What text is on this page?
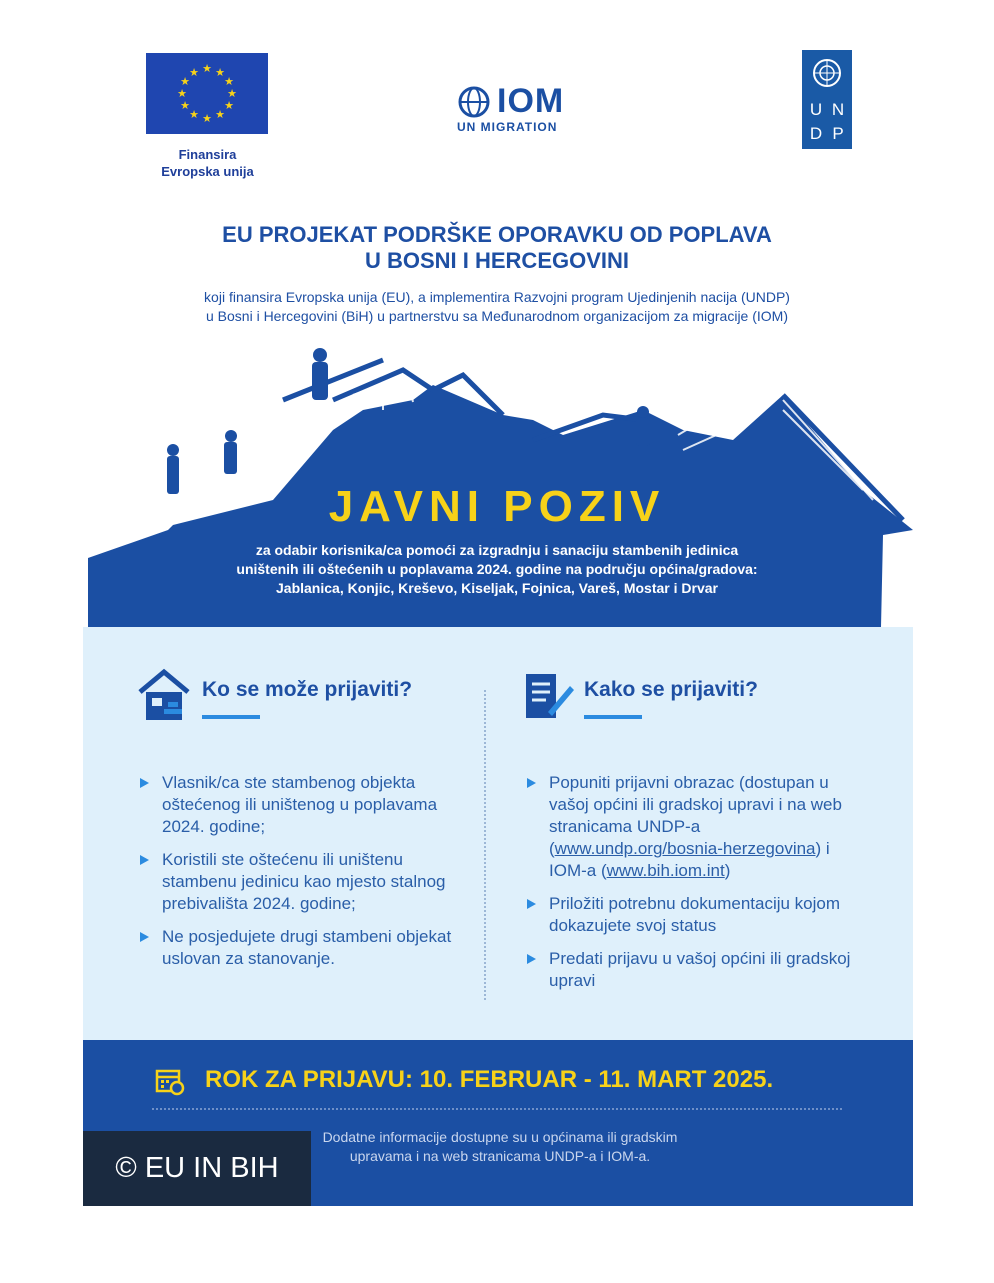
★ ★
★
★
★
★
★
★
★
★
★
★
Finansira
Evropska unija
IOM
UN MIGRATION
U N
D P
EU PROJEKAT PODRŠKE OPORAVKU OD POPLAVA
U BOSNI I HERCEGOVINI
koji finansira Evropska unija (EU), a implementira Razvojni program Ujedinjenih nacija (UNDP)
u Bosni i Hercegovini (BiH) u partnerstvu sa Međunarodnom organizacijom za migracije (IOM)
JAVNI POZIV
za odabir korisnika/ca pomoći za izgradnju i sanaciju stambenih jedinica
uništenih ili oštećenih u poplavama 2024. godine na području općina/gradova:
Jablanica, Konjic, Kreševo, Kiseljak, Fojnica, Vareš, Mostar i Drvar
Ko se može prijaviti?
Vlasnik/ca ste stambenog objekta oštećenog ili uništenog u poplavama 2024. godine;
Koristili ste oštećenu ili uništenu stambenu jedinicu kao mjesto stalnog prebivališta 2024. godine;
Ne posjedujete drugi stambeni objekat uslovan za stanovanje.
Kako se prijaviti?
Popuniti prijavni obrazac (dostupan u vašoj općini ili gradskoj upravi i na web stranicama UNDP-a (www.undp.org/bosnia-herzegovina) i IOM-a (www.bih.iom.int)
Priložiti potrebnu dokumentaciju kojom dokazujete svoj status
Predati prijavu u vašoj općini ili gradskoj upravi
ROK ZA PRIJAVU: 10. FEBRUAR - 11. MART 2025.
Dodatne informacije dostupne su u općinama ili gradskim
upravama i na web stranicama UNDP-a i IOM-a.
© EU IN BIH
